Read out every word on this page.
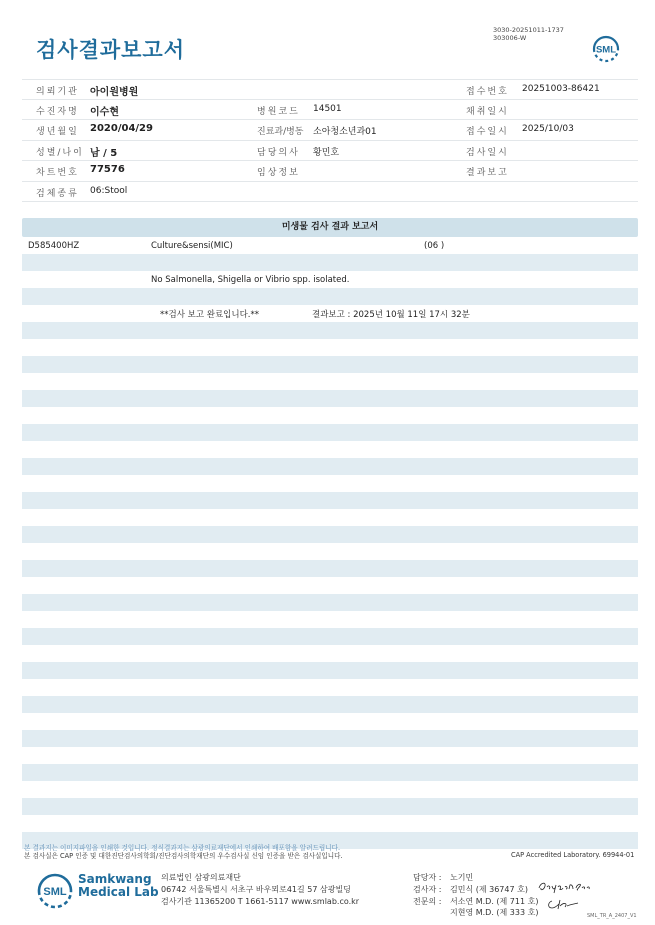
검사결과보고서
3030-20251011-1737
303006-W
SML
의뢰기관 아이원병원	접수번호 20251003-86421
수진자명 이수현	병원코드 14501	채취일시
생년월일 2020/04/29	진료과/병동 소아청소년과01	접수일시 2025/10/03
성별/나이 남 / 5	담당의사 황민호	검사일시
차트번호 77576	임상정보	결과보고
검체종류 06:Stool
미생물 검사 결과 보고서
D585400HZ	Culture&sensi(MIC)	(06 )
No Salmonella, Shigella or Vibrio spp. isolated.
**검사 보고 완료입니다.**	결과보고 : 2025년 10월 11일 17시 32분
본 결과지는 이미지파일을 인쇄한 것입니다. 정식결과지는 삼광의료재단에서 인쇄하여 배포함을 알려드립니다.
본 검사실은 CAP 인증 및 대한진단검사의학회/진단검사의학재단의 우수검사실 신임 인증을 받은 검사실입니다.	CAP Accredited Laboratory. 69944-01
SML
Samkwang
Medical Lab
의료법인 삼광의료재단
06742 서울특별시 서초구 바우뫼로41길 57 삼광빌딩
검사기관 11365200 T 1661-5117 www.smlab.co.kr
담당자 : 노기민
검사자 : 김민식 (제 36747 호)
전문의 : 서소연 M.D. (제 711 호)
지현영 M.D. (제 333 호)	SML_TR_A_2407_V1
